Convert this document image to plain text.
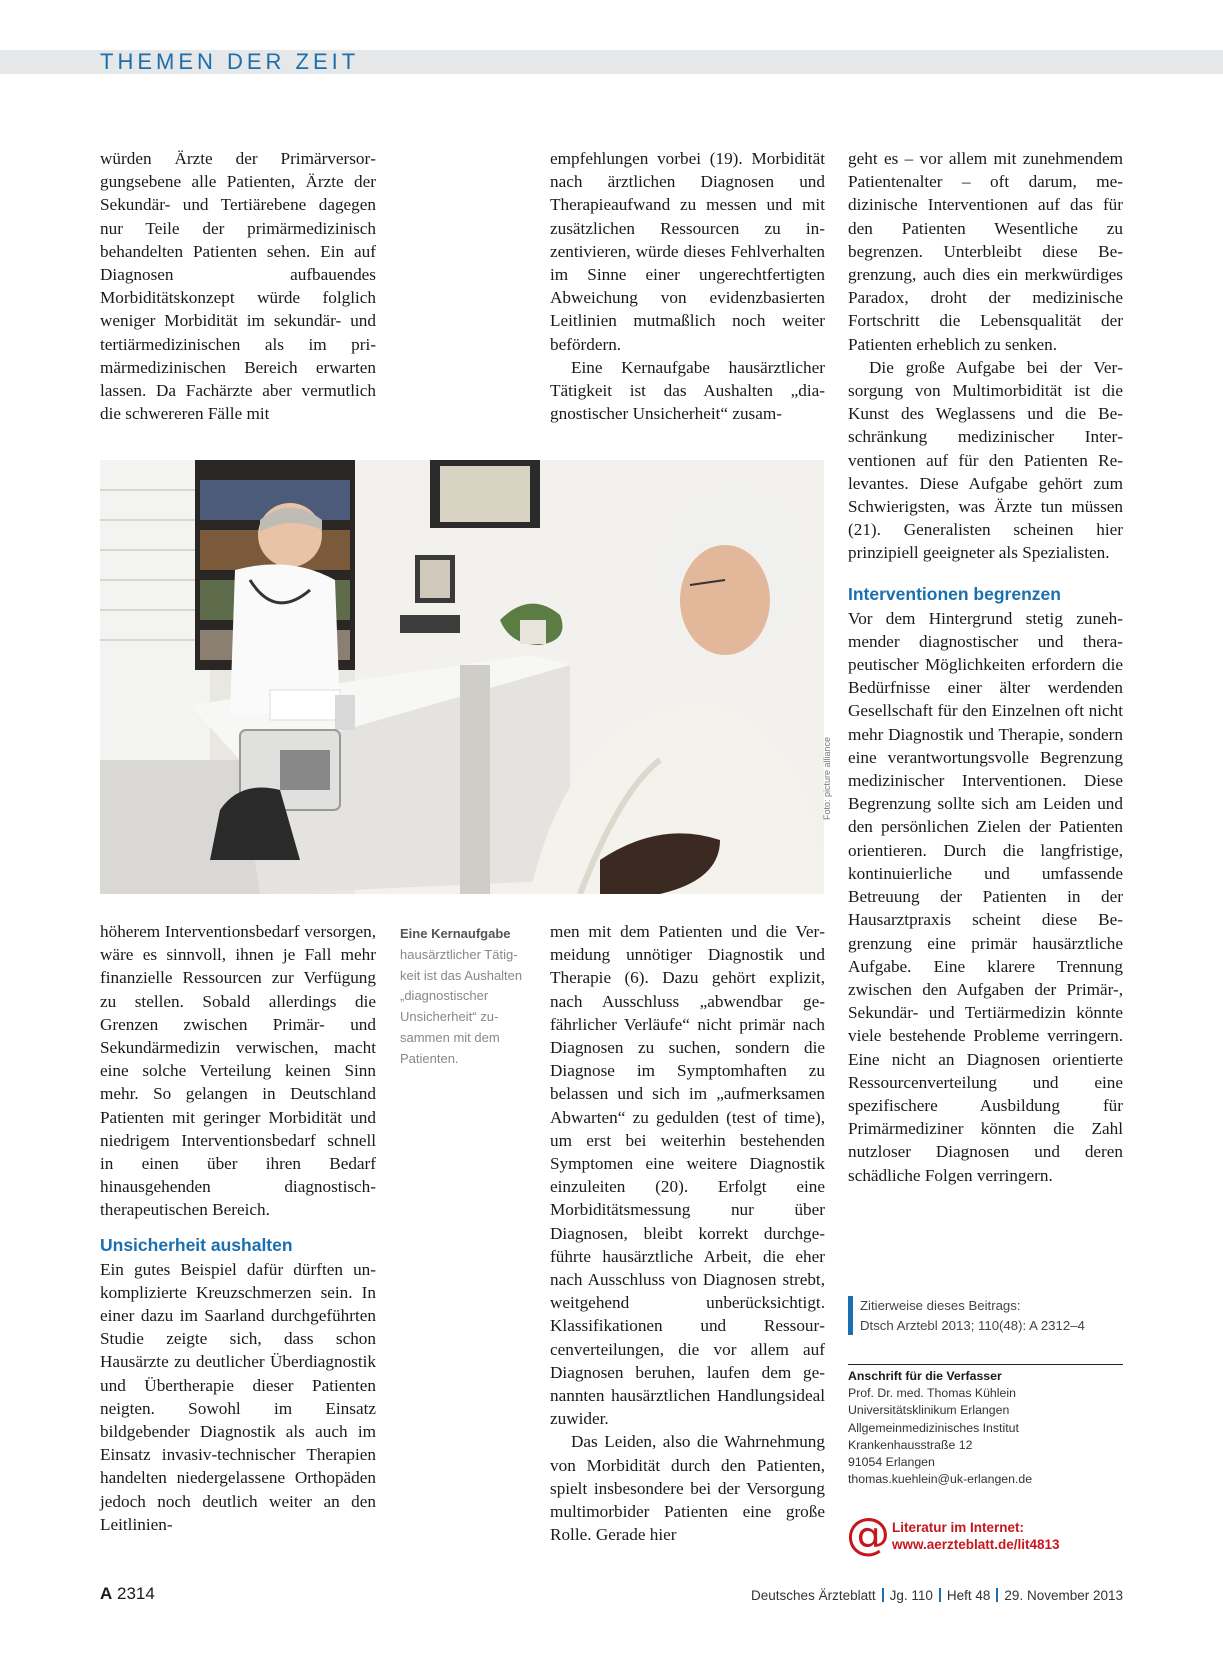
THEMEN DER ZEIT

würden Ärzte der Primärversorgungsebene alle Patienten, Ärzte der Sekundär- und Tertiärebene dagegen nur Teile der primärmedizinisch behandelten Patienten sehen. Ein auf Diagnosen aufbauendes Morbiditätskonzept würde folglich weniger Morbidität im sekundär- und tertiärmedizinischen als im primärmedizinischen Bereich erwarten lassen. Da Fachärzte aber vermutlich die schwereren Fälle mit

empfehlungen vorbei (19). Morbidität nach ärztlichen Diagnosen und Therapieaufwand zu messen und mit zusätzlichen Ressourcen zu inzentivieren, würde dieses Fehlverhalten im Sinne einer ungerechtfertigten Abweichung von evidenzbasierten Leitlinien mutmaßlich noch weiter befördern.

Eine Kernaufgabe hausärztlicher Tätigkeit ist das Aushalten „diagnostischer Unsicherheit“ zusam-

geht es – vor allem mit zunehmendem Patientenalter – oft darum, medizinische Interventionen auf das für den Patienten Wesentliche zu begrenzen. Unterbleibt diese Begrenzung, auch dies ein merkwürdiges Paradox, droht der medizinische Fortschritt die Lebensqualität der Patienten erheblich zu senken.

Die große Aufgabe bei der Versorgung von Multimorbidität ist die Kunst des Weglassens und die Beschränkung medizinischer Interventionen auf für den Patienten Relevantes. Diese Aufgabe gehört zum Schwierigsten, was Ärzte tun müssen (21). Generalisten scheinen hier prinzipiell geeigneter als Spezialisten.

Interventionen begrenzen

Vor dem Hintergrund stetig zunehmender diagnostischer und therapeutischer Möglichkeiten erfordern die Bedürfnisse einer älter werdenden Gesellschaft für den Einzelnen oft nicht mehr Diagnostik und Therapie, sondern eine verantwortungsvolle Begrenzung medizinischer Interventionen. Diese Begrenzung sollte sich am Leiden und den persönlichen Zielen der Patienten orientieren. Durch die langfristige, kontinuierliche und umfassende Betreuung der Patienten in der Hausarztpraxis scheint diese Begrenzung eine primär hausärztliche Aufgabe. Eine klarere Trennung zwischen den Aufgaben der Primär-, Sekundär- und Tertiärmedizin könnte viele bestehende Probleme verringern. Eine nicht an Diagnosen orientierte Ressourcenverteilung und eine spezifischere Ausbildung für Primärmediziner könnten die Zahl nutzloser Diagnosen und deren schädliche Folgen verringern.

Foto: picture alliance
Eine Kernaufgabe
hausärztlicher Tätigkeit ist das Aushalten „diagnostischer Unsicherheit“ zusammen mit dem Patienten.

höherem Interventionsbedarf versorgen, wäre es sinnvoll, ihnen je Fall mehr finanzielle Ressourcen zur Verfügung zu stellen. Sobald allerdings die Grenzen zwischen Primär- und Sekundärmedizin verwischen, macht eine solche Verteilung keinen Sinn mehr. So gelangen in Deutschland Patienten mit geringer Morbidität und niedrigem Interventionsbedarf schnell in einen über ihren Bedarf hinausgehenden diagnostisch-therapeutischen Bereich.

Unsicherheit aushalten

Ein gutes Beispiel dafür dürften unkomplizierte Kreuzschmerzen sein. In einer dazu im Saarland durchgeführten Studie zeigte sich, dass schon Hausärzte zu deutlicher Überdiagnostik und Übertherapie dieser Patienten neigten. Sowohl im Einsatz bildgebender Diagnostik als auch im Einsatz invasiv-technischer Therapien handelten niedergelassene Orthopäden jedoch noch deutlich weiter an den Leitlinien-

men mit dem Patienten und die Vermeidung unnötiger Diagnostik und Therapie (6). Dazu gehört explizit, nach Ausschluss „abwendbar gefährlicher Verläufe“ nicht primär nach Diagnosen zu suchen, sondern die Diagnose im Symptomhaften zu belassen und sich im „aufmerksamen Abwarten“ zu gedulden (test of time), um erst bei weiterhin bestehenden Symptomen eine weitere Diagnostik einzuleiten (20). Erfolgt eine Morbiditätsmessung nur über Diagnosen, bleibt korrekt durchgeführte hausärztliche Arbeit, die eher nach Ausschluss von Diagnosen strebt, weitgehend unberücksichtigt. Klassifikationen und Ressourcenverteilungen, die vor allem auf Diagnosen beruhen, laufen dem genannten hausärztlichen Handlungsideal zuwider.

Das Leiden, also die Wahrnehmung von Morbidität durch den Patienten, spielt insbesondere bei der Versorgung multimorbider Patienten eine große Rolle. Gerade hier

Zitierweise dieses Beitrags:
Dtsch Arztebl 2013; 110(48): A 2312–4
Anschrift für die Verfasser
Prof. Dr. med. Thomas Kühlein
Universitätsklinikum Erlangen
Allgemeinmedizinisches Institut
Krankenhausstraße 12
91054 Erlangen
thomas.kuehlein@uk-erlangen.de
@ Literatur im Internet:
www.aerzteblatt.de/lit4813
A 2314	Deutsches Ärzteblatt Jg. 110 Heft 48 29. November 2013
